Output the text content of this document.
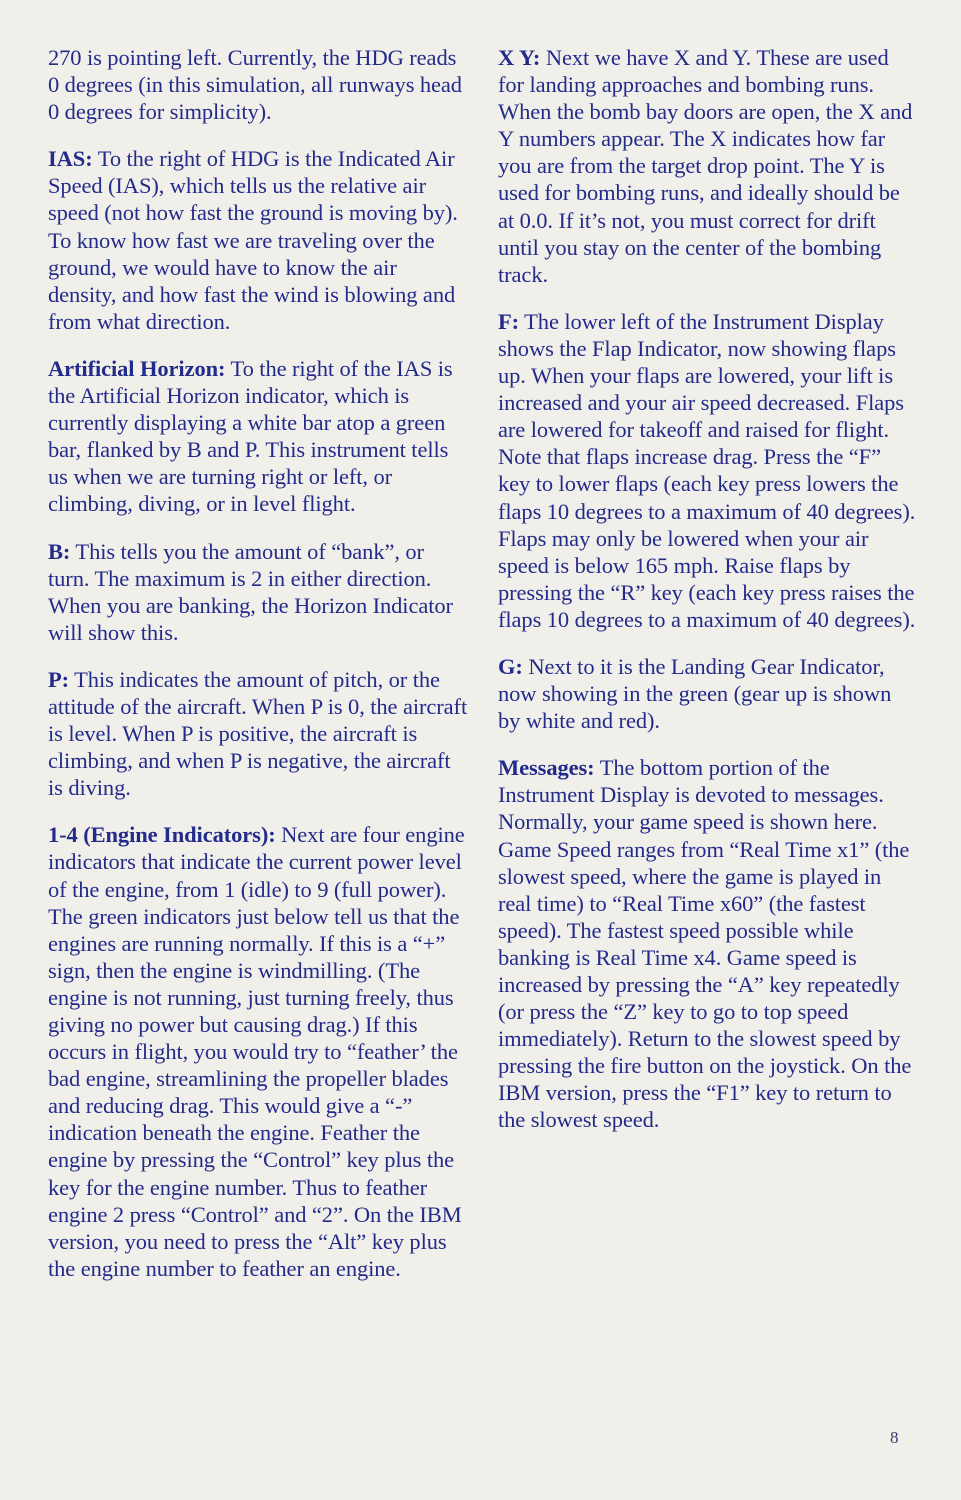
270 is pointing left. Currently, the HDG reads 0 degrees (in this simulation, all runways head 0 degrees for simplicity).

IAS: To the right of HDG is the Indicated Air Speed (IAS), which tells us the relative air speed (not how fast the ground is moving by). To know how fast we are traveling over the ground, we would have to know the air density, and how fast the wind is blowing and from what direction.

Artificial Horizon: To the right of the IAS is the Artificial Horizon indicator, which is currently displaying a white bar atop a green bar, flanked by B and P. This instrument tells us when we are turning right or left, or climbing, diving, or in level flight.

B: This tells you the amount of “bank”, or turn. The maximum is 2 in either direction. When you are banking, the Horizon Indicator will show this.

P: This indicates the amount of pitch, or the attitude of the aircraft. When P is 0, the aircraft is level. When P is positive, the aircraft is climbing, and when P is negative, the aircraft is diving.

1-4 (Engine Indicators): Next are four engine indicators that indicate the current power level of the engine, from 1 (idle) to 9 (full power). The green indicators just below tell us that the engines are running normally. If this is a “+” sign, then the engine is windmilling. (The engine is not running, just turning freely, thus giving no power but causing drag.) If this occurs in flight, you would try to “feather’ the bad engine, streamlining the propeller blades and reducing drag. This would give a “-” indication beneath the engine. Feather the engine by pressing the “Control” key plus the key for the engine number. Thus to feather engine 2 press “Control” and “2”. On the IBM version, you need to press the “Alt” key plus the engine number to feather an engine.

X Y: Next we have X and Y. These are used for landing approaches and bombing runs. When the bomb bay doors are open, the X and Y numbers appear. The X indicates how far you are from the target drop point. The Y is used for bombing runs, and ideally should be at 0.0. If it’s not, you must correct for drift until you stay on the center of the bombing track.

F: The lower left of the Instrument Display shows the Flap Indicator, now showing flaps up. When your flaps are lowered, your lift is increased and your air speed decreased. Flaps are lowered for takeoff and raised for flight. Note that flaps increase drag. Press the “F” key to lower flaps (each key press lowers the flaps 10 degrees to a maximum of 40 degrees). Flaps may only be lowered when your air speed is below 165 mph. Raise flaps by pressing the “R” key (each key press raises the flaps 10 degrees to a maximum of 40 degrees).

G: Next to it is the Landing Gear Indicator, now showing in the green (gear up is shown by white and red).

Messages: The bottom portion of the Instrument Display is devoted to messages. Normally, your game speed is shown here. Game Speed ranges from “Real Time x1” (the slowest speed, where the game is played in real time) to “Real Time x60” (the fastest speed). The fastest speed possible while banking is Real Time x4. Game speed is increased by pressing the “A” key repeatedly (or press the “Z” key to go to top speed immediately). Return to the slowest speed by pressing the fire button on the joystick. On the IBM version, press the “F1” key to return to the slowest speed.

8
